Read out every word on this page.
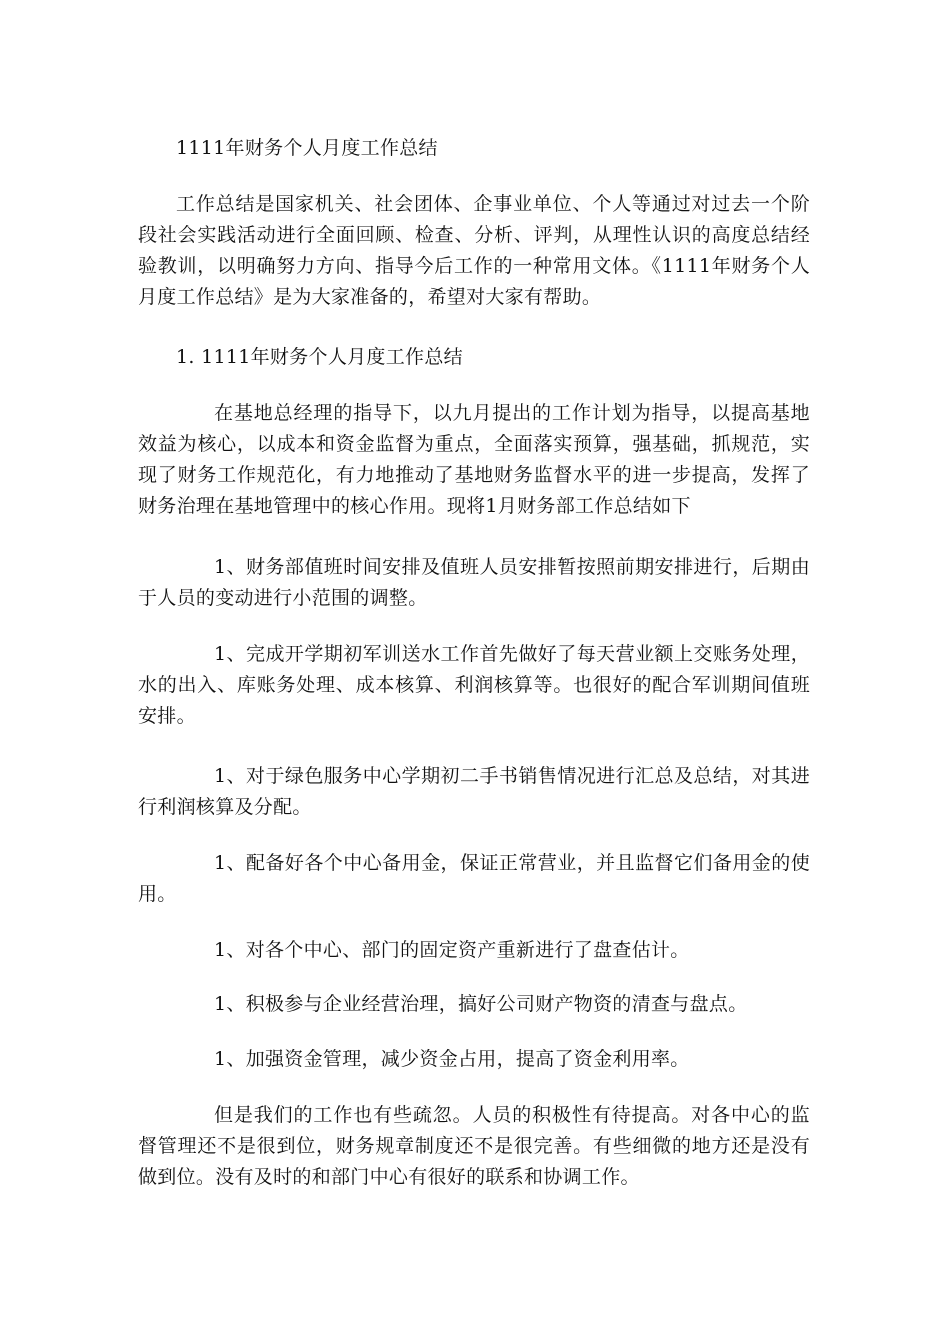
1111年财务个人月度工作总结

工作总结是国家机关、社会团体、企事业单位、个人等通过对过去一个阶段社会实践活动进行全面回顾、检查、分析、评判，从理性认识的高度总结经验教训，以明确努力方向、指导今后工作的一种常用文体。《1111年财务个人月度工作总结》是为大家准备的，希望对大家有帮助。

1. 1111年财务个人月度工作总结

在基地总经理的指导下，以九月提出的工作计划为指导，以提高基地效益为核心，以成本和资金监督为重点，全面落实预算，强基础，抓规范，实现了财务工作规范化，有力地推动了基地财务监督水平的进一步提高，发挥了财务治理在基地管理中的核心作用。现将1月财务部工作总结如下

1、财务部值班时间安排及值班人员安排暂按照前期安排进行，后期由于人员的变动进行小范围的调整。

1、完成开学期初军训送水工作首先做好了每天营业额上交账务处理，水的出入、库账务处理、成本核算、利润核算等。也很好的配合军训期间值班安排。

1、对于绿色服务中心学期初二手书销售情况进行汇总及总结，对其进行利润核算及分配。

1、配备好各个中心备用金，保证正常营业，并且监督它们备用金的使用。

1、对各个中心、部门的固定资产重新进行了盘查估计。

1、积极参与企业经营治理，搞好公司财产物资的清查与盘点。

1、加强资金管理，减少资金占用，提高了资金利用率。

但是我们的工作也有些疏忽。人员的积极性有待提高。对各中心的监督管理还不是很到位，财务规章制度还不是很完善。有些细微的地方还是没有做到位。没有及时的和部门中心有很好的联系和协调工作。
